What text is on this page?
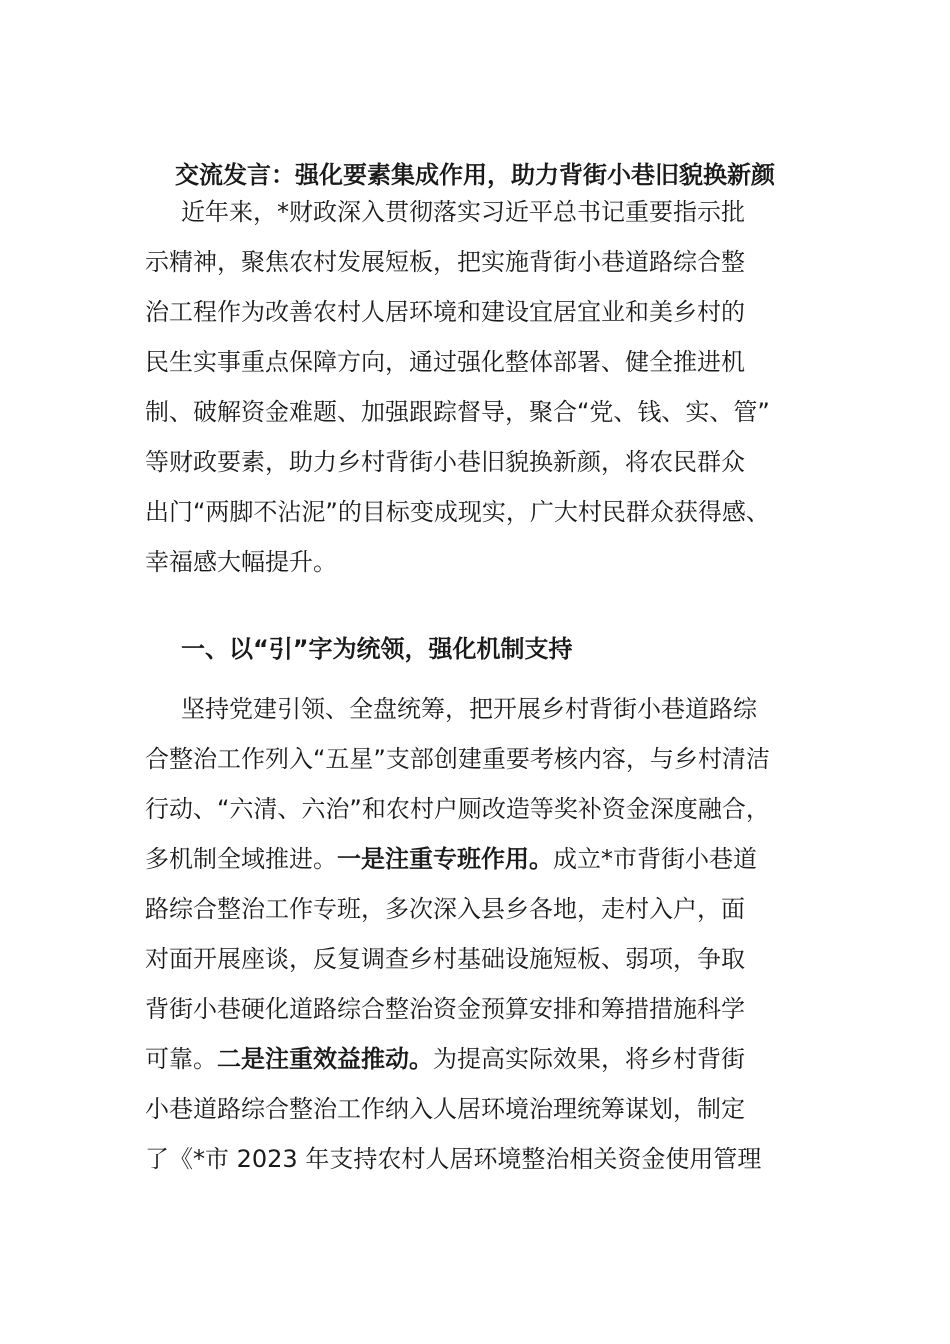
交流发言：强化要素集成作用，助力背街小巷旧貌换新颜
近年来，*财政深入贯彻落实习近平总书记重要指示批
示精神，聚焦农村发展短板，把实施背街小巷道路综合整
治工程作为改善农村人居环境和建设宜居宜业和美乡村的
民生实事重点保障方向，通过强化整体部署、健全推进机
制、破解资金难题、加强跟踪督导，聚合“党、钱、实、管”
等财政要素，助力乡村背街小巷旧貌换新颜，将农民群众
出门“两脚不沾泥”的目标变成现实，广大村民群众获得感、
幸福感大幅提升。
一、以“引”字为统领，强化机制支持
坚持党建引领、全盘统筹，把开展乡村背街小巷道路综
合整治工作列入“五星”支部创建重要考核内容，与乡村清洁
行动、“六清、六治”和农村户厕改造等奖补资金深度融合，
多机制全域推进。一是注重专班作用。成立*市背街小巷道
路综合整治工作专班，多次深入县乡各地，走村入户，面
对面开展座谈，反复调查乡村基础设施短板、弱项，争取
背街小巷硬化道路综合整治资金预算安排和筹措措施科学
可靠。二是注重效益推动。为提高实际效果，将乡村背街
小巷道路综合整治工作纳入人居环境治理统筹谋划，制定
了《*市 2023 年支持农村人居环境整治相关资金使用管理
